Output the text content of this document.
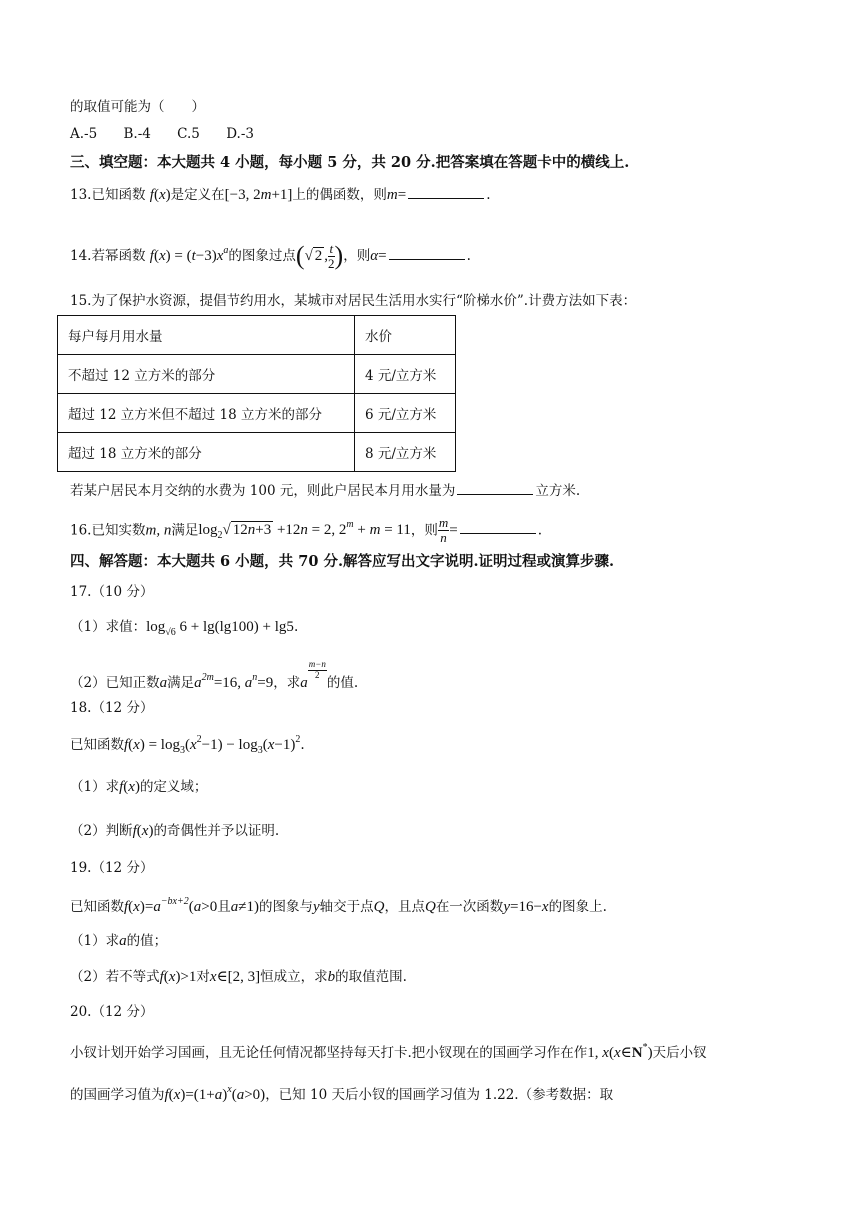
的取值可能为（　　）
A.-5 B.-4 C.5 D.-3
三、填空题：本大题共 4 小题，每小题 5 分，共 20 分.把答案填在答题卡中的横线上.
13.已知函数 f(x)是定义在[−3, 2m+1]上的偶函数，则m=	.
14.若幂函数 $f(x) = (t-3)x^a$的图象过点(√ 2 , $\frac{t}{2}$ )，则α=	.
15.为了保护水资源，提倡节约用水，某城市对居民生活用水实行“阶梯水价”.计费方法如下表：
每户每月用水量	水价
不超过 12 立方米的部分	4 元/立方米
超过 12 立方米但不超过 18 立方米的部分	6 元/立方米
超过 18 立方米的部分	8 元/立方米
若某户居民本月交纳的水费为 100 元，则此户居民本月用水量为	立方米.
16.已知实数m, n满足$\log_2√$ 12n+3 +12n = 2, $2^m + m = 11$，则 $\frac{m}{n}$ =	.
四、解答题：本大题共 6 小题，共 70 分.解答应写出文字说明.证明过程或演算步骤.
17.（10 分）
（1）求值：$\log_{√6} 6 + \lg(\lg 100) + \lg 5$.
（2）已知正数a满足$a^{2m}=16$, $a^n=9$，求a
$\frac{m-n}{2}$
的值.
18.（12 分）
已知函数$f(x) = \log_3(x^2-1) - \log_3(x-1)^2$.
（1）求f(x)的定义域；
（2）判断f(x)的奇偶性并予以证明.
19.（12 分）
已知函数$f(x)=a^{-bx+2}(a>0$且a≠1)的图象与y轴交于点Q，且点Q在一次函数y=16−x的图象上.
（1）求a的值；
（2）若不等式f(x)>1对x∈[2, 3]恒成立，求b的取值范围.
20.（12 分）
小钗计划开始学习国画，且无论任何情况都坚持每天打卡.把小钗现在的国画学习作在作1, x(x∈N*)天后小钗
的国画学习值为$f(x)=(1+a)^x(a>0)$，已知 10 天后小钗的国画学习值为 1.22.（参考数据：取
